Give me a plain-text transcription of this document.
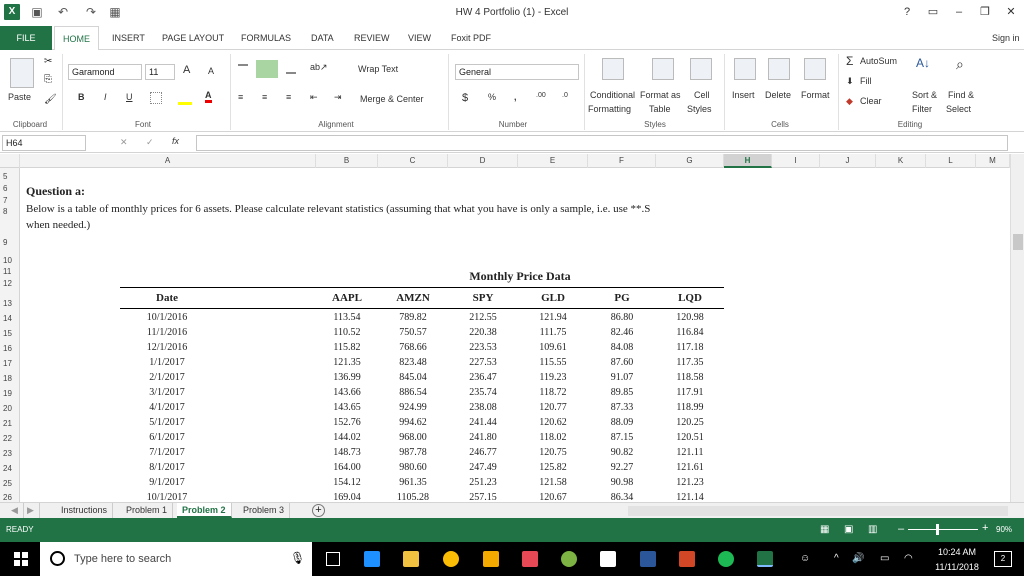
X	▣ ↶ ↷ ▦	HW 4 Portfolio (1) - Excel	?	▭	–	❐	✕
FILE	HOME	INSERT PAGE LAYOUT FORMULAS DATA REVIEW VIEW Foxit PDF	Sign in
Paste
✂
⎘
🖌
Garamond	11	A A
B I U	A
ab↗	Wrap Text
≡ ≡ ≡ ⇤ ⇥ Merge & Center
General
$ % ,	.00 .0 Conditional
Formatting
Format as
Table
Cell
Styles
Insert Delete Format
Σ AutoSum
⬇ Fill
◆ Clear
A↓
Sort &
Filter
⌕
Find &
Select
Clipboard	Font	Alignment	Number	Styles	Cells	Editing
H64	✕ ✓ fx
A	B	C	D	E	F	G	H	I	J	K	L	M
5
6
7
8
9
10
11
12
13
14
15
16
17
18
19
20
21
22
23
24
25
26
Question a:
Below is a table of monthly prices for 6 assets. Please calculate relevant statistics (assuming that what you have is only a sample, i.e. use **.S
when needed.)
Monthly Price Data
Date	AAPL	AMZN	SPY	GLD	PG	LQD
10/1/2016	113.54	789.82	212.55	121.94	86.80	120.98
11/1/2016	110.52	750.57	220.38	111.75	82.46	116.84
12/1/2016	115.82	768.66	223.53	109.61	84.08	117.18
1/1/2017	121.35	823.48	227.53	115.55	87.60	117.35
2/1/2017	136.99	845.04	236.47	119.23	91.07	118.58
3/1/2017	143.66	886.54	235.74	118.72	89.85	117.91
4/1/2017	143.65	924.99	238.08	120.77	87.33	118.99
5/1/2017	152.76	994.62	241.44	120.62	88.09	120.25
6/1/2017	144.02	968.00	241.80	118.02	87.15	120.51
7/1/2017	148.73	987.78	246.77	120.75	90.82	121.11
8/1/2017	164.00	980.60	247.49	125.82	92.27	121.61
9/1/2017	154.12	961.35	251.23	121.58	90.98	121.23
10/1/2017	169.04	1105.28	257.15	120.67	86.34	121.14
◀	▶	Instructions	Problem 1	Problem 2	Problem 3	+
READY	▦ ▣ ▥ –	+ 90%
Type here to search	🎙	☺ ^ 🔊 ▭ ◠
10:24 AM
11/11/2018
2
